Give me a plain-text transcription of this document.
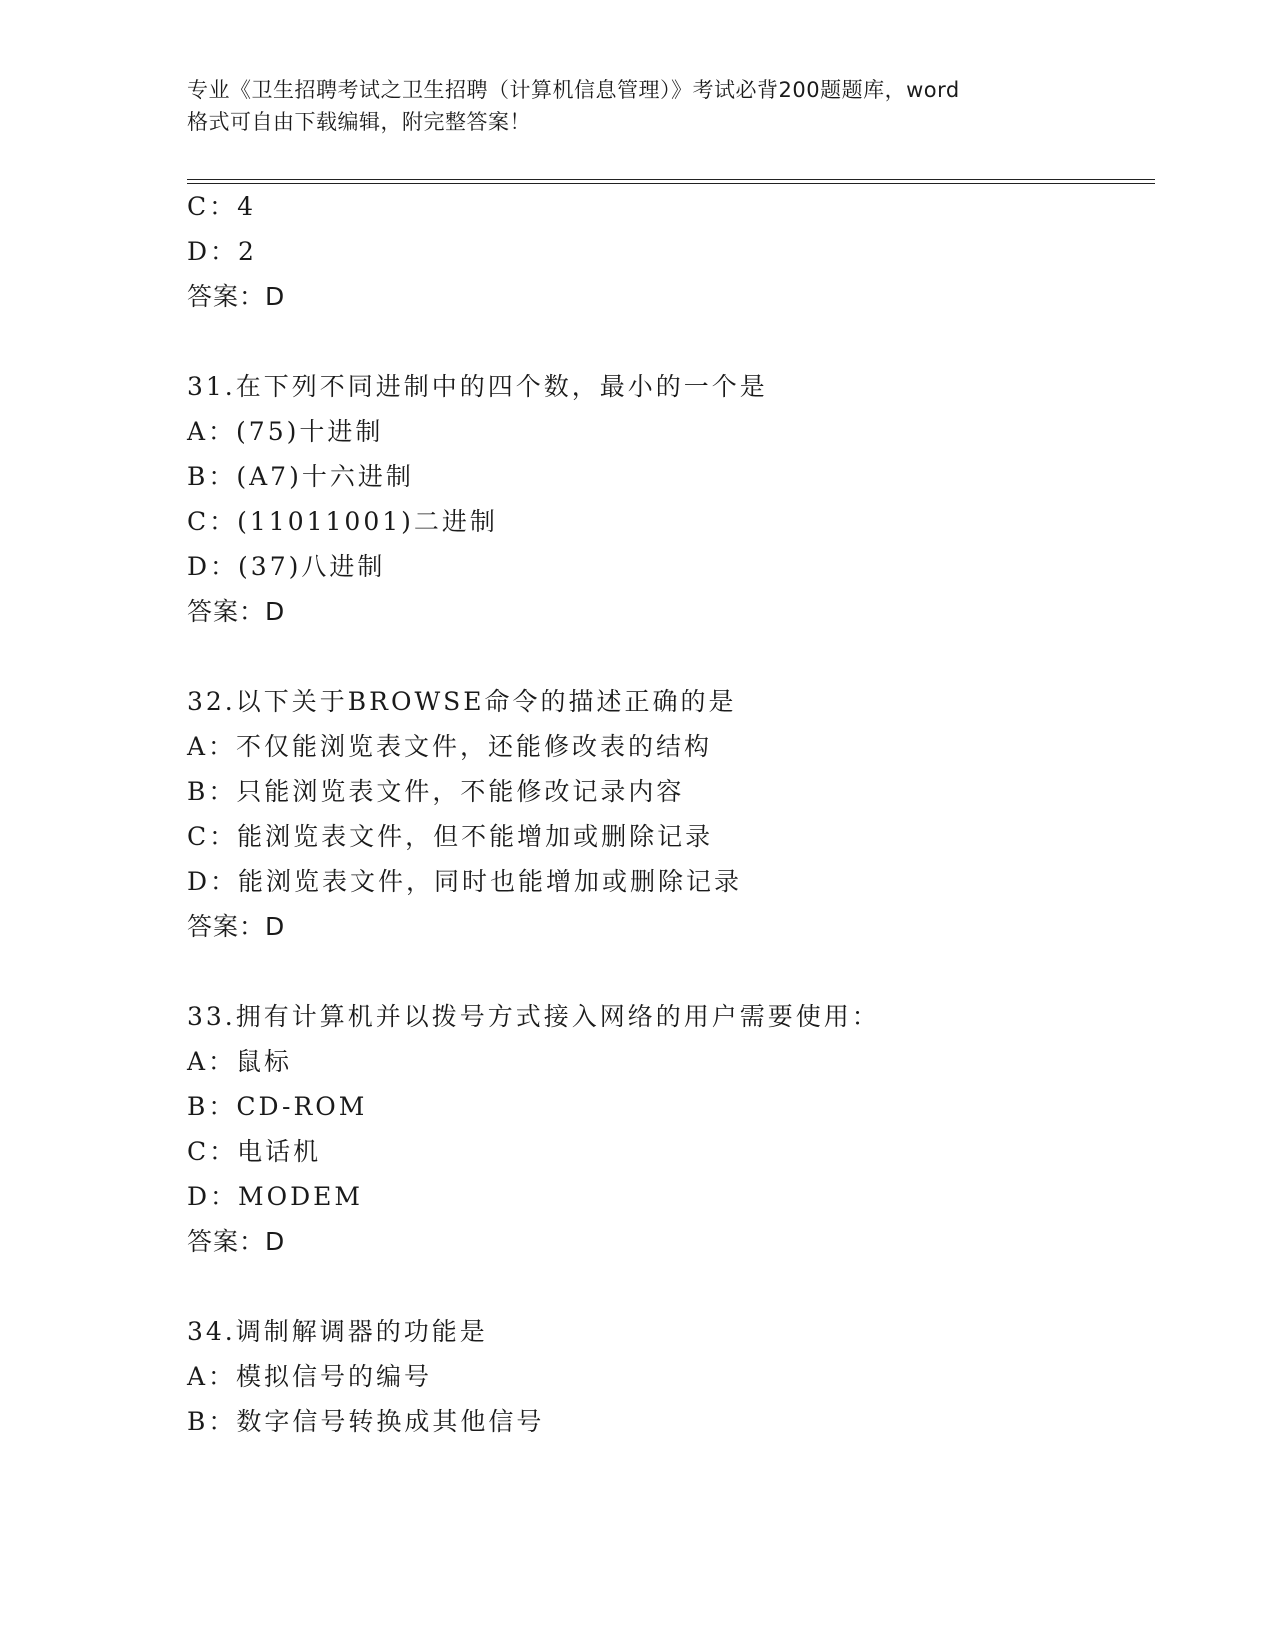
专业《卫生招聘考试之卫生招聘（计算机信息管理）》考试必背200题题库，word
格式可自由下载编辑，附完整答案！
C：4
D：2
答案：D
31.在下列不同进制中的四个数，最小的一个是
A：(75)十进制
B：(A7)十六进制
C：(11011001)二进制
D：(37)八进制
答案：D
32.以下关于BROWSE命令的描述正确的是
A：不仅能浏览表文件，还能修改表的结构
B：只能浏览表文件，不能修改记录内容
C：能浏览表文件，但不能增加或删除记录
D：能浏览表文件，同时也能增加或删除记录
答案：D
33.拥有计算机并以拨号方式接入网络的用户需要使用：
A：鼠标
B：CD-ROM
C：电话机
D：MODEM
答案：D
34.调制解调器的功能是
A：模拟信号的编号
B：数字信号转换成其他信号
